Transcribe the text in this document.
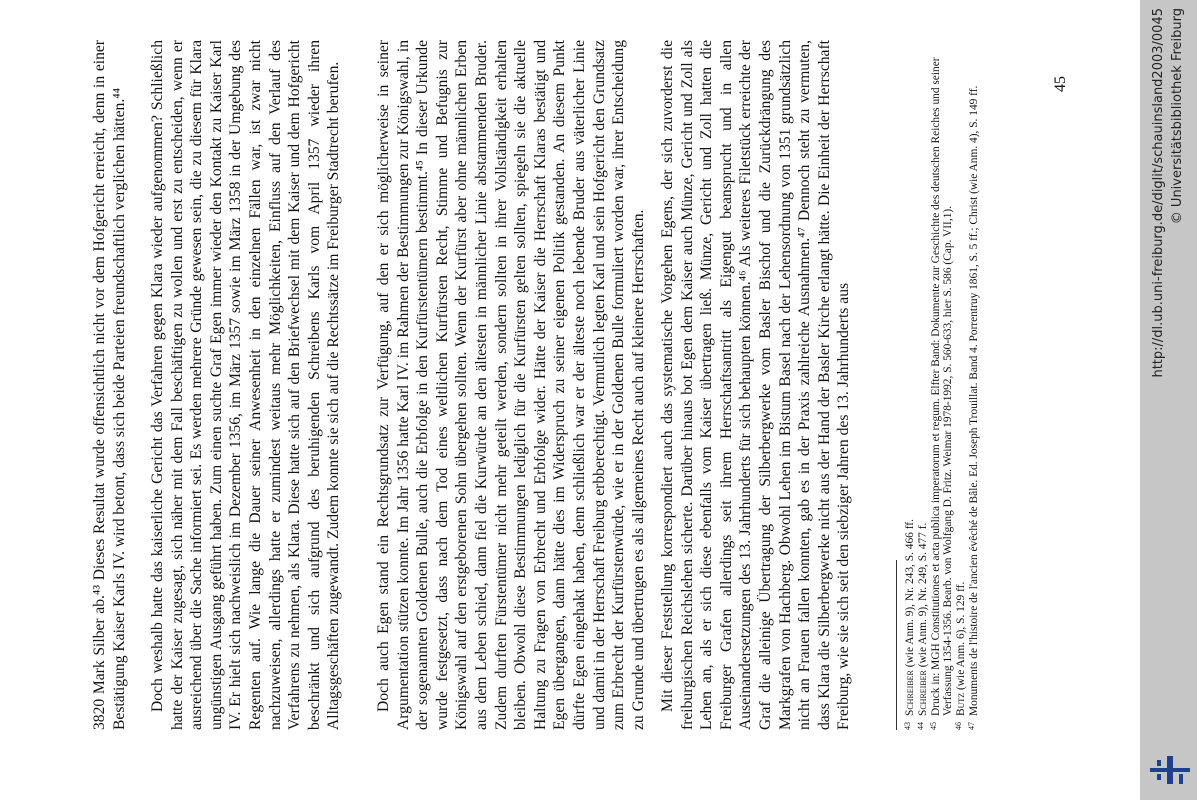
3820 Mark Silber ab.⁴³ Dieses Resultat wurde offensichtlich nicht vor dem Hofgericht erreicht, denn in einer Bestätigung Kaiser Karls IV. wird betont, dass sich beide Parteien freundschaftlich verglichen hätten.⁴⁴ Doch weshalb hatte das kaiserliche Gericht das Verfahren gegen Klara wieder aufgenommen? Schließlich hatte der Kaiser zugesagt, sich näher mit dem Fall beschäftigen zu wollen und erst zu entscheiden, wenn er ausreichend über die Sache informiert sei. Es werden mehrere Gründe gewesen sein, die zu diesem für Klara ungünstigen Ausgang geführt haben. Zum einen suchte Graf Egen immer wieder den Kontakt zu Kaiser Karl IV. Er hielt sich nachweislich im Dezember 1356, im März 1357 sowie im März 1358 in der Umgebung des Regenten auf. Wie lange die Dauer seiner Anwesenheit in den einzelnen Fällen war, ist zwar nicht nachzuweisen, allerdings hatte er zumindest weitaus mehr Möglichkeiten, Einfluss auf den Verlauf des Verfahrens zu nehmen, als Klara. Diese hatte sich auf den Briefwechsel mit dem Kaiser und dem Hofgericht beschränkt und sich aufgrund des beruhigenden Schreibens Karls vom April 1357 wieder ihren Alltagsgeschäften zugewandt. Zudem konnte sie sich auf die Rechtssätze im Freiburger Stadtrecht berufen. Doch auch Egen stand ein Rechtsgrundsatz zur Verfügung, auf den er sich möglicherweise in seiner Argumentation stützen konnte. Im Jahr 1356 hatte Karl IV. im Rahmen der Bestimmungen zur Königswahl, in der sogenannten Goldenen Bulle, auch die Erbfolge in den Kurfürstentümern bestimmt.⁴⁵ In dieser Urkunde wurde festgesetzt, dass nach dem Tod eines weltlichen Kurfürsten Recht, Stimme und Befugnis zur Königswahl auf den erstgeborenen Sohn übergehen sollten. Wenn der Kurfürst aber ohne männlichen Erben aus dem Leben schied, dann fiel die Kurwürde an den ältesten in männlicher Linie abstammenden Bruder. Zudem durften Fürstentümer nicht mehr geteilt werden, sondern sollten in ihrer Vollständigkeit erhalten bleiben. Obwohl diese Bestimmungen lediglich für die Kurfürsten gelten sollten, spiegeln sie die aktuelle Haltung zu Fragen von Erbrecht und Erbfolge wider. Hätte der Kaiser die Herrschaft Klaras bestätigt und Egen übergangen, dann hätte dies im Widerspruch zu seiner eigenen Politik gestanden. An diesem Punkt dürfte Egen eingehakt haben, denn schließlich war er der älteste noch lebende Bruder aus väterlicher Linie und damit in der Herrschaft Freiburg erbberechtigt. Vermutlich legten Karl und sein Hofgericht den Grundsatz zum Erbrecht der Kurfürstenwürde, wie er in der Goldenen Bulle formuliert worden war, ihrer Entscheidung zu Grunde und übertrugen es als allgemeines Recht auch auf kleinere Herrschaften. Mit dieser Feststellung korrespondiert auch das systematische Vorgehen Egens, der sich zuvorderst die freiburgischen Reichslehen sicherte. Darüber hinaus bot Egen dem Kaiser auch Münze, Gericht und Zoll als Lehen an, als er sich diese ebenfalls vom Kaiser übertragen ließ. Münze, Gericht und Zoll hatten die Freiburger Grafen allerdings seit ihrem Herrschaftsantritt als Eigengut beansprucht und in allen Auseinandersetzungen des 13. Jahrhunderts für sich behaupten können.⁴⁶ Als weiteres Filetstück erreichte der Graf die alleinige Übertragung der Silberbergwerke vom Basler Bischof und die Zurückdrängung des Markgrafen von Hachberg. Obwohl Lehen im Bistum Basel nach der Lehensordnung von 1351 grundsätzlich nicht an Frauen fallen konnten, gab es in der Praxis zahlreiche Ausnahmen.⁴⁷ Dennoch steht zu vermuten, dass Klara die Silberbergwerke nicht aus der Hand der Basler Kirche erlangt hätte. Die Einheit der Herrschaft Freiburg, wie sie sich seit den siebziger Jahren des 13. Jahrhunderts aus	43
Schreiber (wie Anm. 9), Nr. 243, S. 466 ff.
44
Schreiber (wie Anm. 9), Nr. 249, S. 477 f.
45
Druck in: MGH Constitutiones et acta publica imperatorum et regum. Elfter Band: Dokumente zur Geschichte des deutschen Reiches und seiner Verfassung 1354-1356. Bearb. von Wolfgang D. Fritz. Weimar 1978-1992, S. 560-633, hier S. 586 (Cap. VII,1).
46
Butz (wie Anm. 6), S. 129 ff.
47
Monuments de l'histoire de l'ancien évêché de Bâle. Ed. Joseph Trouillat. Band 4. Porrentruy 1861, S. 5 ff.; Christ (wie Anm. 4), S. 149 ff.
45	http://dl.ub.uni-freiburg.de/diglit/schauinsland2003/0045 © Universitätsbibliothek Freiburg
